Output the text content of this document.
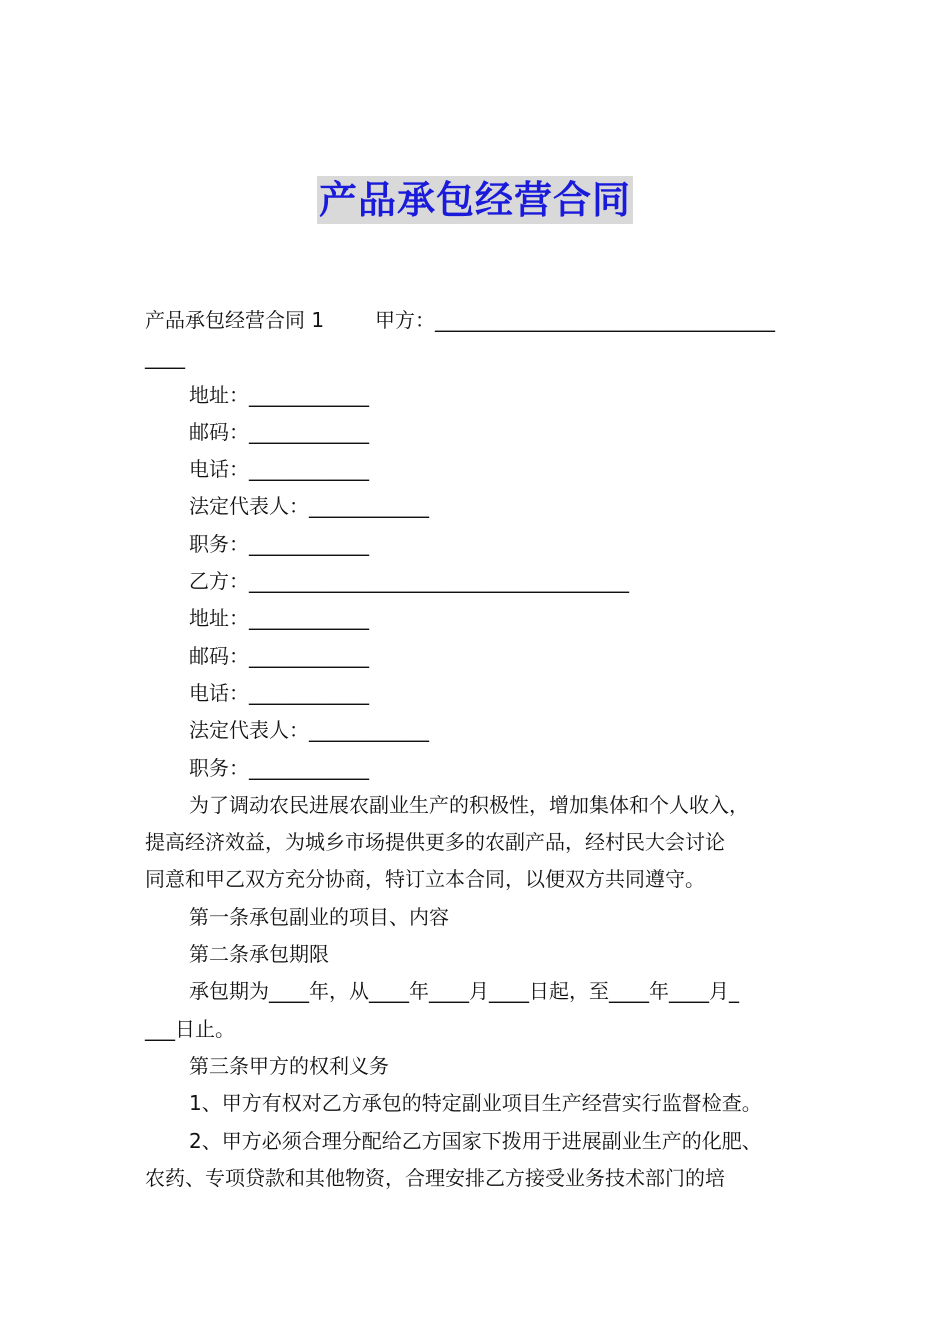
产品承包经营合同

产品承包经营合同 1        甲方：__________________________________

____

地址：____________

邮码：____________

电话：____________

法定代表人：____________

职务：____________

乙方：______________________________________

地址：____________

邮码：____________

电话：____________

法定代表人：____________

职务：____________

为了调动农民进展农副业生产的积极性，增加集体和个人收入，

提高经济效益，为城乡市场提供更多的农副产品，经村民大会讨论

同意和甲乙双方充分协商，特订立本合同，以便双方共同遵守。

第一条承包副业的项目、内容

第二条承包期限

承包期为____年，从____年____月____日起，至____年____月_

___日止。

第三条甲方的权利义务

1、甲方有权对乙方承包的特定副业项目生产经营实行监督检查。

2、甲方必须合理分配给乙方国家下拨用于进展副业生产的化肥、

农药、专项贷款和其他物资，合理安排乙方接受业务技术部门的培
